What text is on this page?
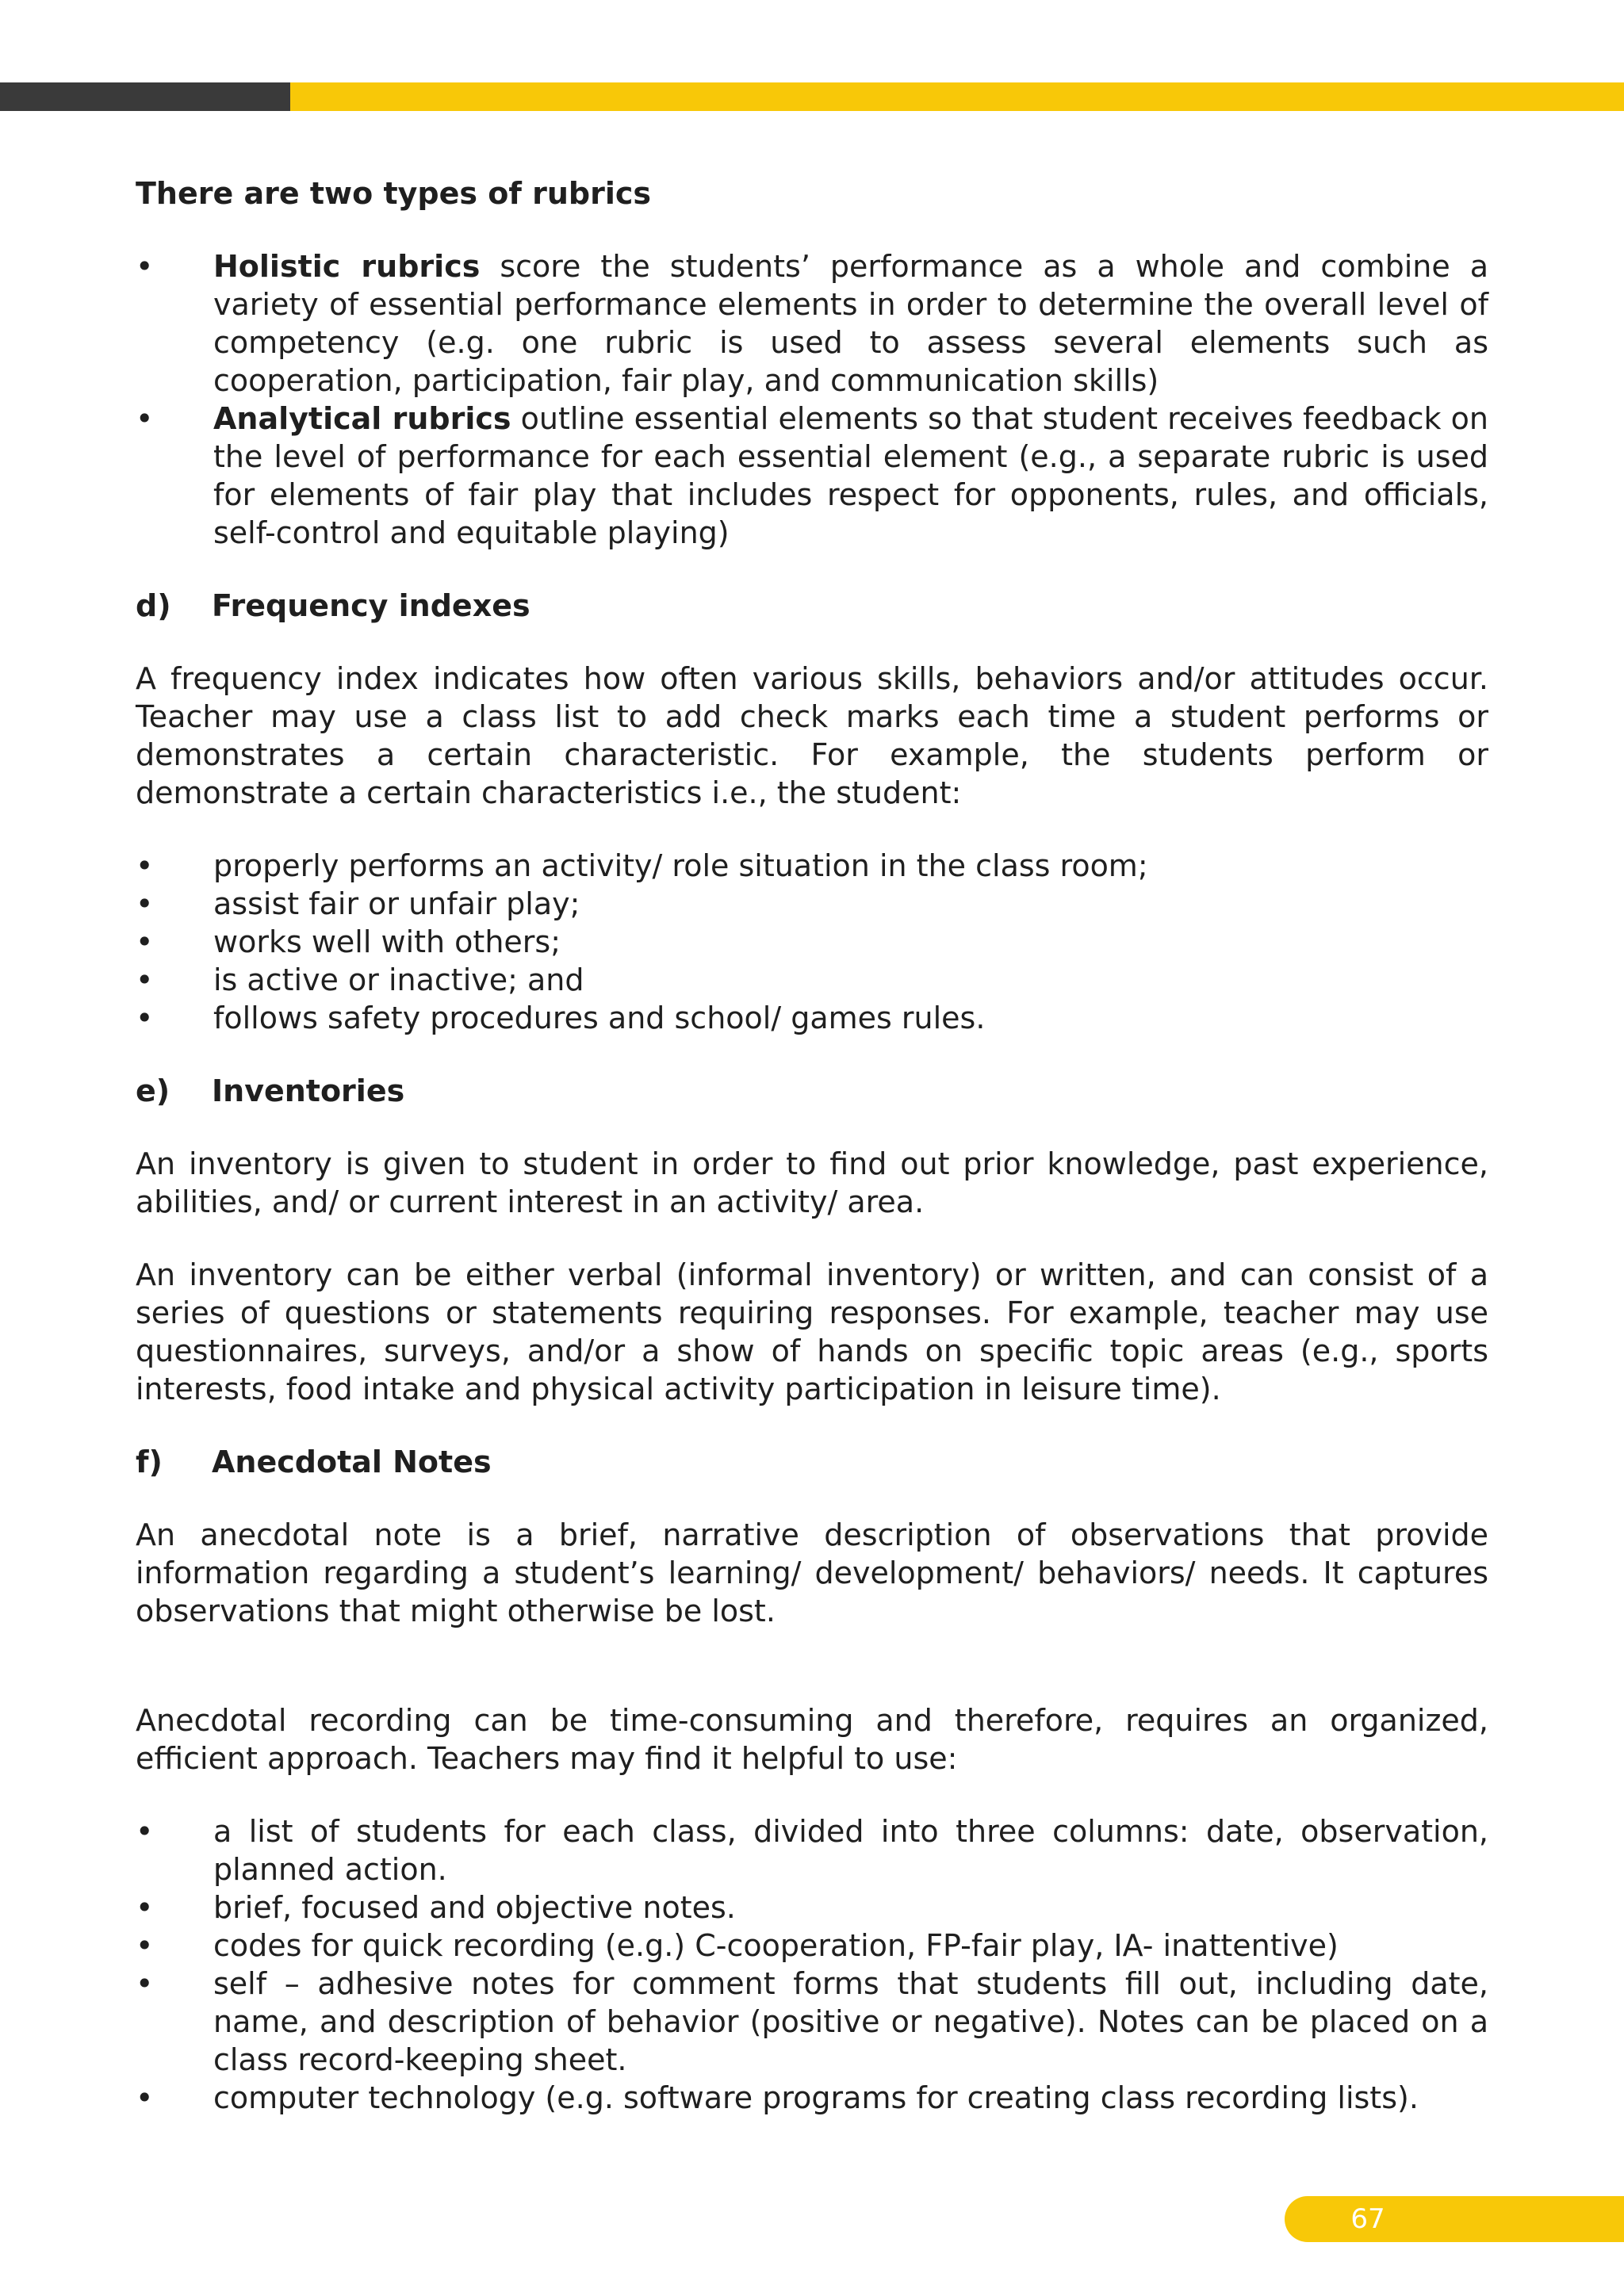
There are two types of rubrics

• Holistic rubrics score the students’ performance as a whole and combine a variety of essential performance elements in order to determine the overall level of competency (e.g. one rubric is used to assess several elements such as cooperation, participation, fair play, and communication skills)
• Analytical rubrics outline essential elements so that student receives feedback on the level of performance for each essential element (e.g., a separate rubric is used for elements of fair play that includes respect for opponents, rules, and officials, self-control and equitable playing)
d)	Frequency indexes

A frequency index indicates how often various skills, behaviors and/or attitudes occur. Teacher may use a class list to add check marks each time a student performs or demonstrates a certain characteristic. For example, the students perform or demonstrate a certain characteristics i.e., the student:

• properly performs an activity/ role situation in the class room;
• assist fair or unfair play;
• works well with others;
• is active or inactive; and
• follows safety procedures and school/ games rules.
e)	Inventories

An inventory is given to student in order to find out prior knowledge, past experience, abilities, and/ or current interest in an activity/ area.

An inventory can be either verbal (informal inventory) or written, and can consist of a series of questions or statements requiring responses. For example, teacher may use questionnaires, surveys, and/or a show of hands on specific topic areas (e.g., sports interests, food intake and physical activity participation in leisure time).

f)	Anecdotal Notes

An anecdotal note is a brief, narrative description of observations that provide information regarding a student’s learning/ development/ behaviors/ needs. It captures observations that might otherwise be lost.

Anecdotal recording can be time-consuming and therefore, requires an organized, efficient approach. Teachers may find it helpful to use:

• a list of students for each class, divided into three columns: date, observation, planned action.
• brief, focused and objective notes.
• codes for quick recording (e.g.) C-cooperation, FP-fair play, IA- inattentive)
• self – adhesive notes for comment forms that students fill out, including date, name, and description of behavior (positive or negative). Notes can be placed on a class record-keeping sheet.
• computer technology (e.g. software programs for creating class recording lists).
67
